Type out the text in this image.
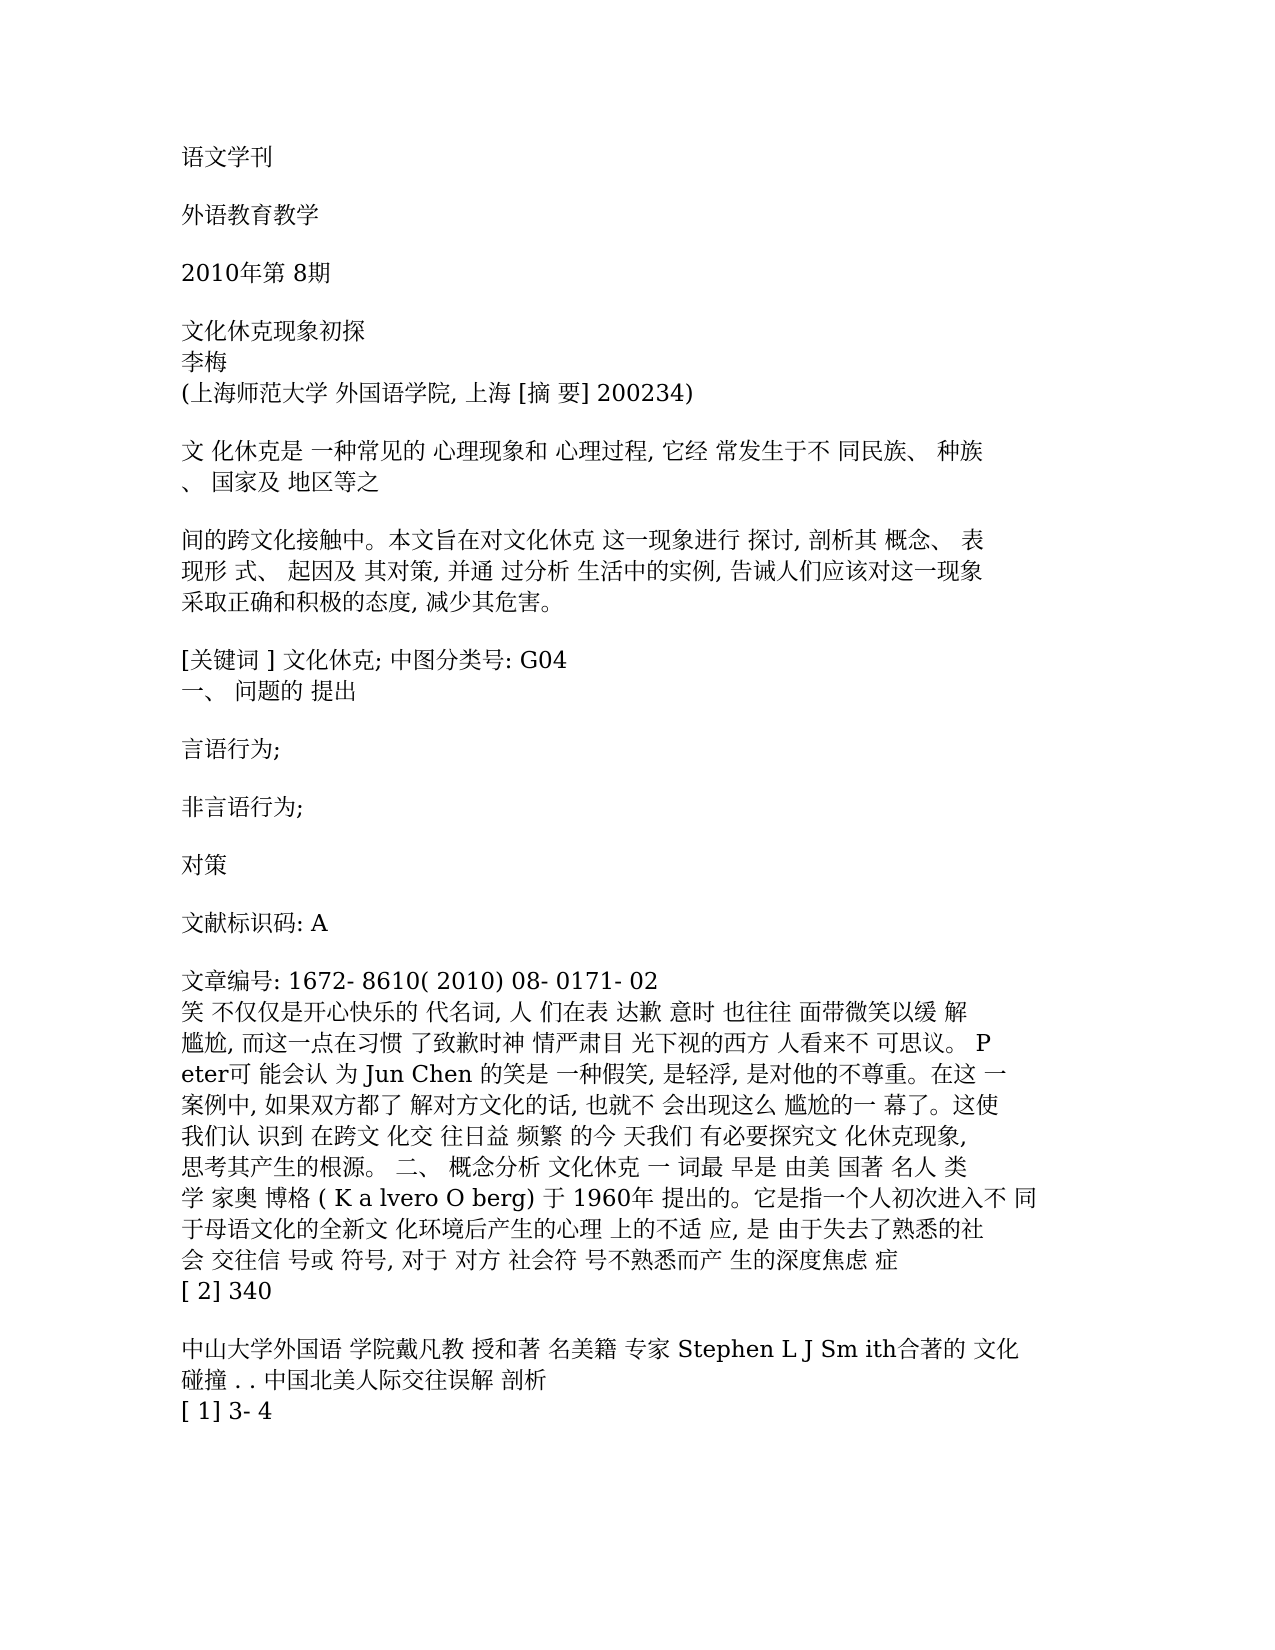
语文学刊

外语教育教学

2010年第 8期

文化休克现象初探

李梅

(上海师范大学 外国语学院, 上海 [摘 要] 200234)

文 化休克是 一种常见的 心理现象和 心理过程, 它经 常发生于不 同民族、 种族

、 国家及 地区等之

间的跨文化接触中。本文旨在对文化休克 这一现象进行 探讨, 剖析其 概念、 表

现形 式、 起因及 其对策, 并通 过分析 生活中的实例, 告诫人们应该对这一现象

采取正确和积极的态度, 减少其危害。

[关键词 ] 文化休克; 中图分类号: G04

一、 问题的 提出

言语行为;

非言语行为;

对策

文献标识码: A

文章编号: 1672- 8610( 2010) 08- 0171- 02

笑 不仅仅是开心快乐的 代名词, 人 们在表 达歉 意时 也往往 面带微笑以缓 解

尴尬, 而这一点在习惯 了致歉时神 情严肃目 光下视的西方 人看来不 可思议。 P

eter可 能会认 为 Jun Chen 的笑是 一种假笑, 是轻浮, 是对他的不尊重。在这 一

案例中, 如果双方都了 解对方文化的话, 也就不 会出现这么 尴尬的一 幕了。这使

我们认 识到 在跨文 化交 往日益 频繁 的今 天我们 有必要探究文 化休克现象,

思考其产生的根源。 二、 概念分析 文化休克 一 词最 早是 由美 国著 名人 类

学 家奥 博格 ( K a lvero O berg) 于 1960年 提出的。它是指一个人初次进入不 同

于母语文化的全新文 化环境后产生的心理 上的不适 应, 是 由于失去了熟悉的社

会 交往信 号或 符号, 对于 对方 社会符 号不熟悉而产 生的深度焦虑 症

[ 2] 340

中山大学外国语 学院戴凡教 授和著 名美籍 专家 Stephen L J Sm ith合著的 文化

碰撞 . . 中国北美人际交往误解 剖析

[ 1] 3- 4
